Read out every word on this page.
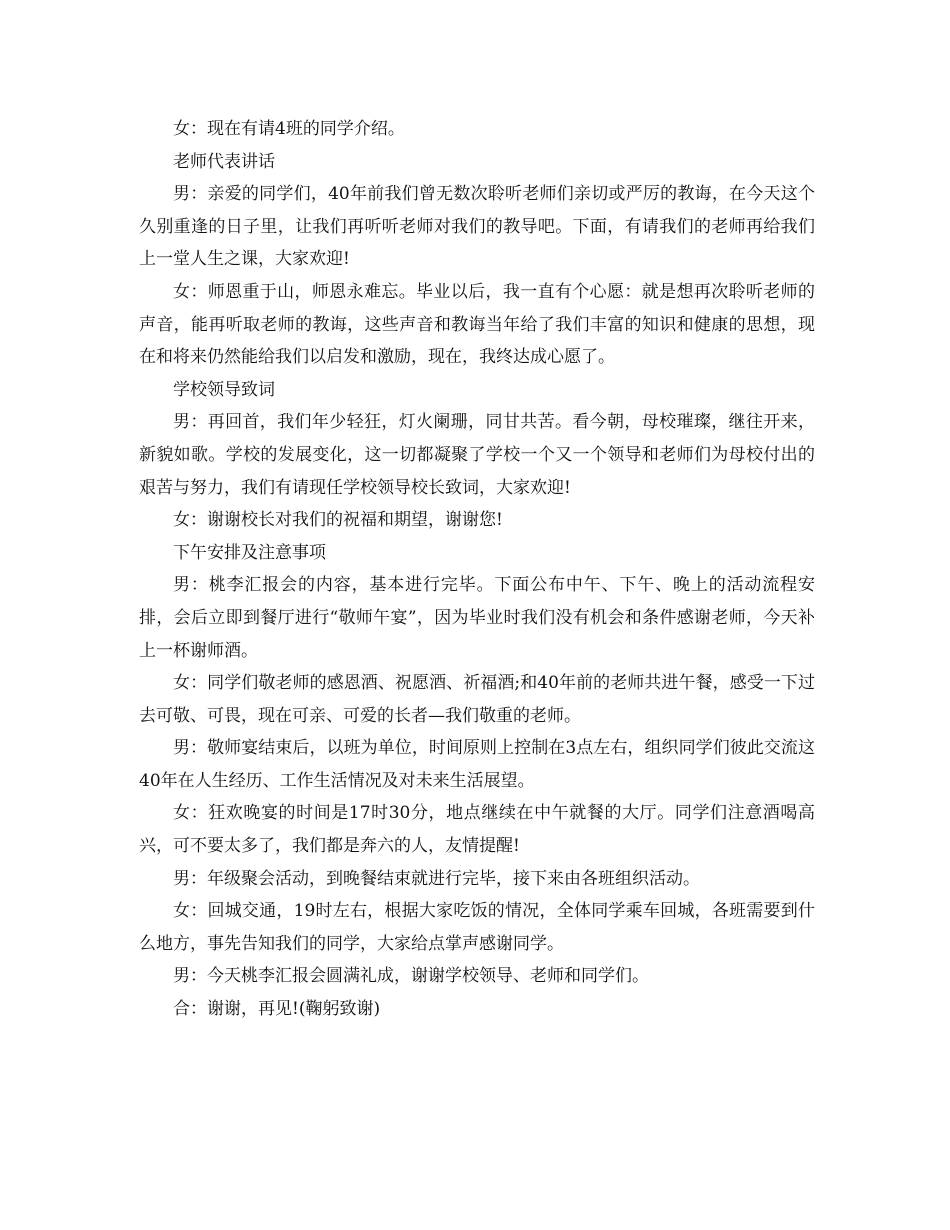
女：现在有请4班的同学介绍。

老师代表讲话

男：亲爱的同学们，40年前我们曾无数次聆听老师们亲切或严厉的教诲，在今天这个久别重逢的日子里，让我们再听听老师对我们的教导吧。下面，有请我们的老师再给我们上一堂人生之课，大家欢迎!

女：师恩重于山，师恩永难忘。毕业以后，我一直有个心愿：就是想再次聆听老师的声音，能再听取老师的教诲，这些声音和教诲当年给了我们丰富的知识和健康的思想，现在和将来仍然能给我们以启发和激励，现在，我终达成心愿了。

学校领导致词

男：再回首，我们年少轻狂，灯火阑珊，同甘共苦。看今朝，母校璀璨，继往开来，新貌如歌。学校的发展变化，这一切都凝聚了学校一个又一个领导和老师们为母校付出的艰苦与努力，我们有请现任学校领导校长致词，大家欢迎!

女：谢谢校长对我们的祝福和期望，谢谢您!

下午安排及注意事项

男：桃李汇报会的内容，基本进行完毕。下面公布中午、下午、晚上的活动流程安排，会后立即到餐厅进行“敬师午宴”，因为毕业时我们没有机会和条件感谢老师，今天补上一杯谢师酒。

女：同学们敬老师的感恩酒、祝愿酒、祈福酒;和40年前的老师共进午餐，感受一下过去可敬、可畏，现在可亲、可爱的长者—我们敬重的老师。

男：敬师宴结束后，以班为单位，时间原则上控制在3点左右，组织同学们彼此交流这40年在人生经历、工作生活情况及对未来生活展望。

女：狂欢晚宴的时间是17时30分，地点继续在中午就餐的大厅。同学们注意酒喝高兴，可不要太多了，我们都是奔六的人，友情提醒!

男：年级聚会活动，到晚餐结束就进行完毕，接下来由各班组织活动。

女：回城交通，19时左右，根据大家吃饭的情况，全体同学乘车回城，各班需要到什么地方，事先告知我们的同学，大家给点掌声感谢同学。

男：今天桃李汇报会圆满礼成，谢谢学校领导、老师和同学们。

合：谢谢，再见!(鞠躬致谢)
